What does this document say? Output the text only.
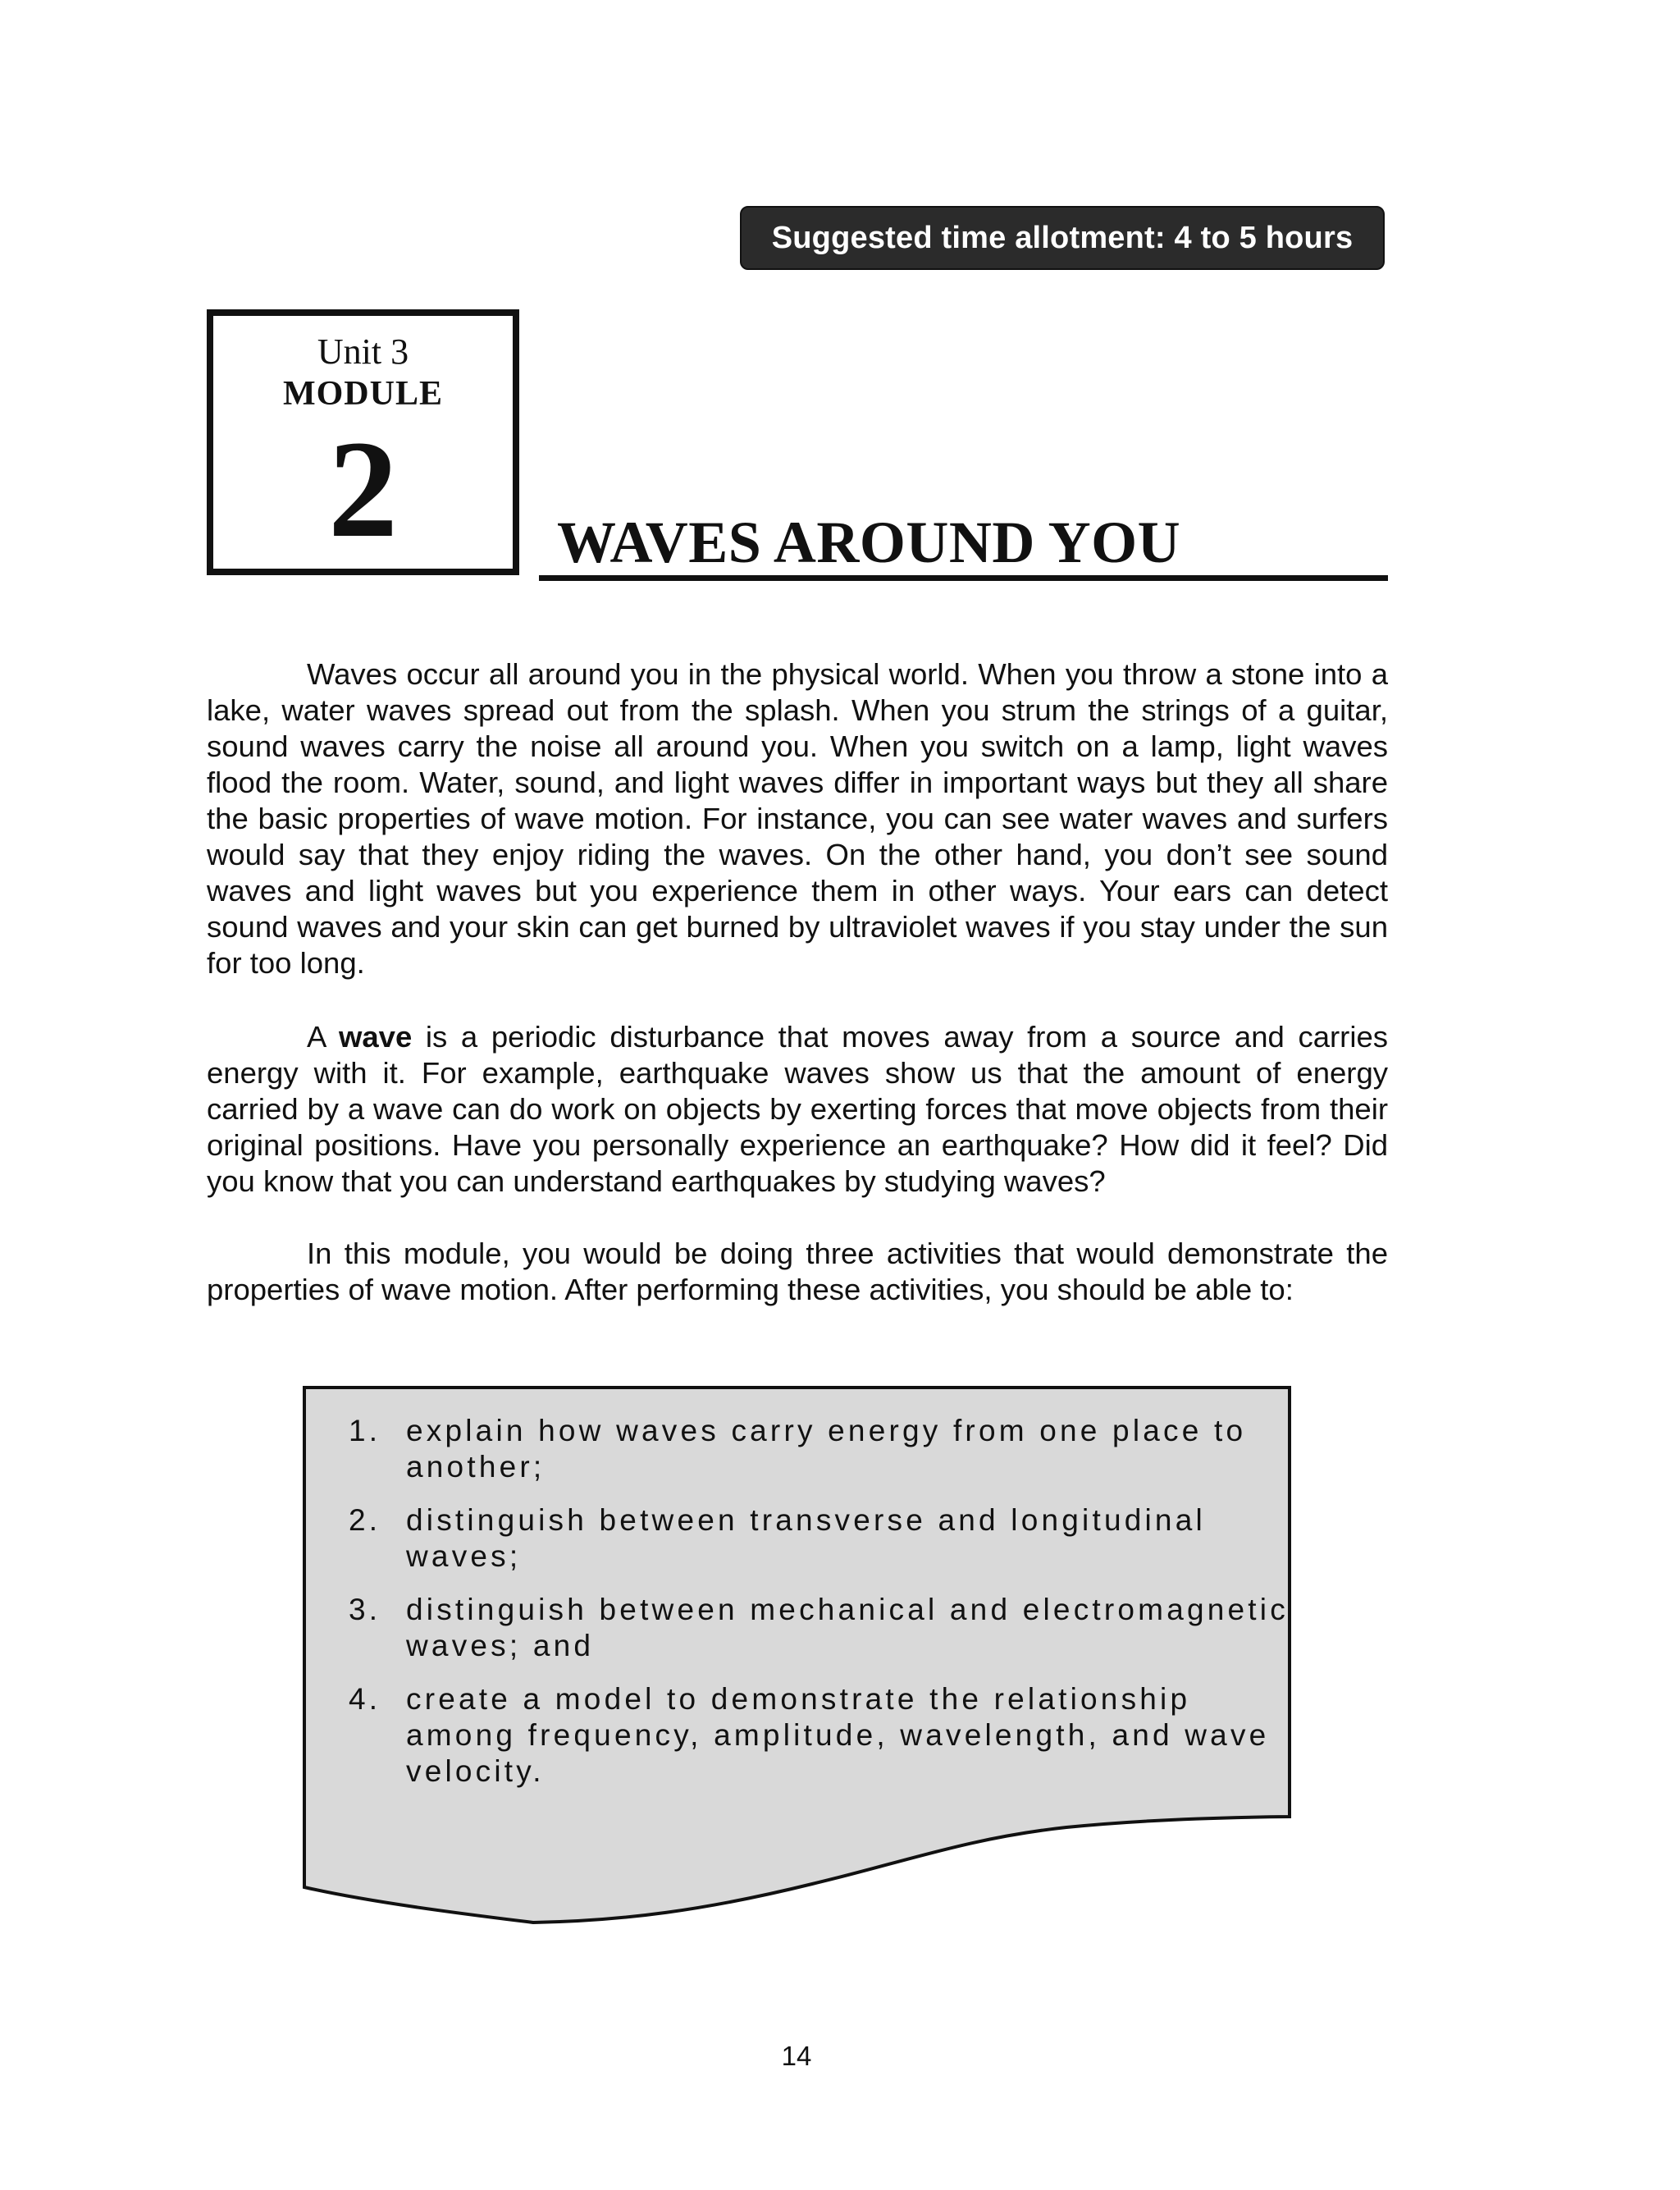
Suggested time allotment: 4 to 5 hours
Unit 3
MODULE
2	WAVES AROUND YOU

Waves occur all around you in the physical world. When you throw a stone into a lake, water waves spread out from the splash. When you strum the strings of a guitar, sound waves carry the noise all around you. When you switch on a lamp, light waves flood the room. Water, sound, and light waves differ in important ways but they all share the basic properties of wave motion. For instance, you can see water waves and surfers would say that they enjoy riding the waves. On the other hand, you don’t see sound waves and light waves but you experience them in other ways. Your ears can detect sound waves and your skin can get burned by ultraviolet waves if you stay under the sun for too long.

A wave is a periodic disturbance that moves away from a source and carries energy with it. For example, earthquake waves show us that the amount of energy carried by a wave can do work on objects by exerting forces that move objects from their original positions. Have you personally experience an earthquake? How did it feel? Did you know that you can understand earthquakes by studying waves?

In this module, you would be doing three activities that would demonstrate the properties of wave motion. After performing these activities, you should be able to:

1. explain how waves carry energy from one place to another;
2. distinguish between transverse and longitudinal waves;
3. distinguish between mechanical and electromagnetic waves; and
4. create a model to demonstrate the relationship among frequency, amplitude, wavelength, and wave velocity.
14
